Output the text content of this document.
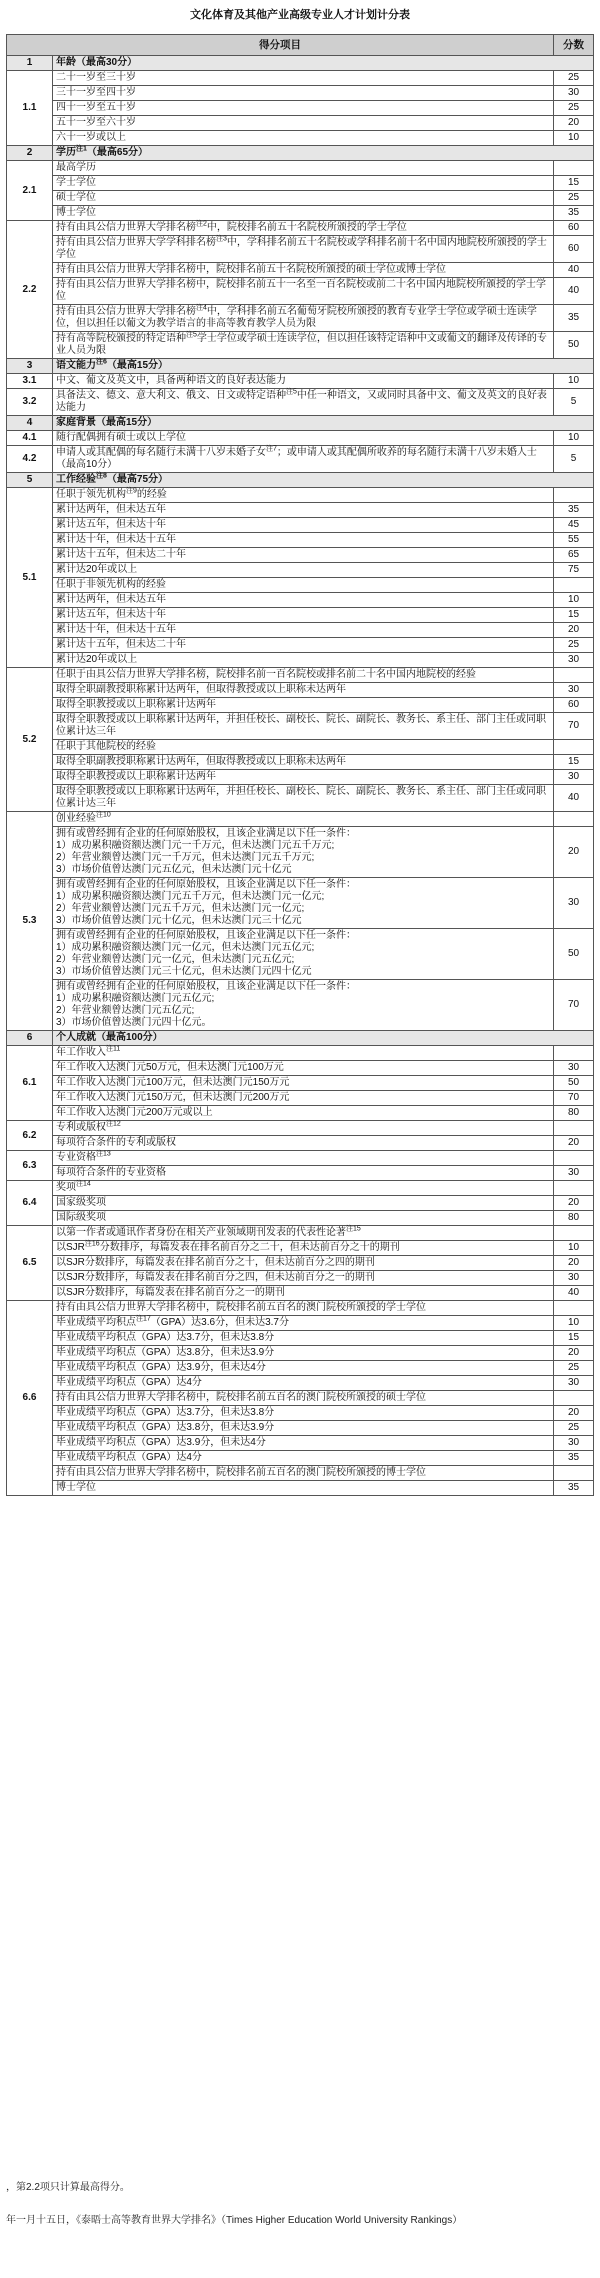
文化体育及其他产业高级专业人才计划计分表
得分项目		分数
1	年龄（最高30分）	
1.1	二十一岁至三十岁	25
	三十一岁至四十岁	30
	四十一岁至五十岁	25
	五十一岁至六十岁	20
	六十一岁或以上	10
2	学历$^{注1}$（最高65分）	
2.1	最高学历	
	学士学位	15
	硕士学位	25
	博士学位	35
2.2	持有由具公信力世界大学排名榜$^{注2}$中，院校排名前五十名院校所颁授的学士学位	60
	持有由具公信力世界大学学科排名榜$^{注3}$中，学科排名前五十名院校或学科排名前十名中国内地院校所颁授的学士学位	60
	持有由具公信力世界大学排名榜中，院校排名前五十名院校所颁授的硕士学位或博士学位	40
	持有由具公信力世界大学排名榜中，院校排名前五十一名至一百名院校或前二十名中国内地院校所颁授的学士学位	40
	持有由具公信力世界大学排名榜$^{注4}$中，学科排名前五名葡萄牙院校所颁授的教育专业学士学位或学硕士连读学位，但以担任以葡文为教学语言的非高等教育教学人员为限	35
	持有高等院校颁授的特定语种$^{注5}$学士学位或学硕士连读学位，但以担任该特定语种中文或葡文的翻译及传译的专业人员为限	50
3	语文能力$^{注6}$（最高15分）	
3.1	中文、葡文及英文中，具备两种语文的良好表达能力	10
3.2	具备法文、德文、意大利文、俄文、日文或特定语种$^{注5}$中任一种语文，又或同时具备中文、葡文及英文的良好表达能力	5
4	家庭背景（最高15分）	
4.1	随行配偶拥有硕士或以上学位	10
4.2	申请人或其配偶的每名随行未满十八岁未婚子女$^{注7}$；或申请人或其配偶所收养的每名随行未满十八岁未婚人士（最高10分）	5
5	工作经验$^{注8}$（最高75分）	
5.1	任职于领先机构$^{注9}$的经验	
	累计达两年，但未达五年	35
	累计达五年，但未达十年	45
	累计达十年，但未达十五年	55
	累计达十五年，但未达二十年	65
	累计达20年或以上	75
	任职于非领先机构的经验	
	累计达两年，但未达五年	10
	累计达五年，但未达十年	15
	累计达十年，但未达十五年	20
	累计达十五年，但未达二十年	25
	累计达20年或以上	30
5.2	任职于由具公信力世界大学排名榜，院校排名前一百名院校或排名前二十名中国内地院校的经验	
	取得全职副教授职称累计达两年，但取得教授或以上职称未达两年	30
	取得全职教授或以上职称累计达两年	60
	取得全职教授或以上职称累计达两年，并担任校长、副校长、院长、副院长、教务长、系主任、部门主任或同职位累计达三年	70
	任职于其他院校的经验	
	取得全职副教授职称累计达两年，但取得教授或以上职称未达两年	15
	取得全职教授或以上职称累计达两年	30
	取得全职教授或以上职称累计达两年，并担任校长、副校长、院长、副院长、教务长、系主任、部门主任或同职位累计达三年	40
5.3	创业经验$^{注10}$	
	拥有或曾经拥有企业的任何原始股权，且该企业满足以下任一条件：
1）成功累积融资额达澳门元一千万元，但未达澳门元五千万元;
2）年营业额曾达澳门元一千万元，但未达澳门元五千万元;
3）市场价值曾达澳门元五亿元，但未达澳门元十亿元	20
	拥有或曾经拥有企业的任何原始股权，且该企业满足以下任一条件：
1）成功累积融资额达澳门元五千万元，但未达澳门元一亿元;
2）年营业额曾达澳门元五千万元，但未达澳门元一亿元;
3）市场价值曾达澳门元十亿元，但未达澳门元三十亿元	30
	拥有或曾经拥有企业的任何原始股权，且该企业满足以下任一条件：
1）成功累积融资额达澳门元一亿元，但未达澳门元五亿元;
2）年营业额曾达澳门元一亿元，但未达澳门元五亿元;
3）市场价值曾达澳门元三十亿元，但未达澳门元四十亿元	50
	拥有或曾经拥有企业的任何原始股权，且该企业满足以下任一条件：
1）成功累积融资额达澳门元五亿元;
2）年营业额曾达澳门元五亿元;
3）市场价值曾达澳门元四十亿元。	70
6	个人成就（最高100分）	
6.1	年工作收入$^{注11}$	
	年工作收入达澳门元50万元，但未达澳门元100万元	30
	年工作收入达澳门元100万元，但未达澳门元150万元	50
	年工作收入达澳门元150万元，但未达澳门元200万元	70
	年工作收入达澳门元200万元或以上	80
6.2	专利或版权$^{注12}$	
	每项符合条件的专利或版权	20
6.3	专业资格$^{注13}$	
	每项符合条件的专业资格	30
6.4	奖项$^{注14}$	
	国家级奖项	20
	国际级奖项	80
6.5	以第一作者或通讯作者身份在相关产业领域期刊发表的代表性论著$^{注15}$	
	以SJR$^{注16}$分数排序，每篇发表在排名前百分之二十，但未达前百分之十的期刊	10
	以SJR分数排序，每篇发表在排名前百分之十，但未达前百分之四的期刊	20
	以SJR分数排序，每篇发表在排名前百分之四，但未达前百分之一的期刊	30
	以SJR分数排序，每篇发表在排名前百分之一的期刊	40
6.6	持有由具公信力世界大学排名榜中，院校排名前五百名的澳门院校所颁授的学士学位	
	毕业成绩平均积点$^{注17}$（GPA）达3.6分，但未达3.7分	10
	毕业成绩平均积点（GPA）达3.7分，但未达3.8分	15
	毕业成绩平均积点（GPA）达3.8分，但未达3.9分	20
	毕业成绩平均积点（GPA）达3.9分，但未达4分	25
	毕业成绩平均积点（GPA）达4分	30
	持有由具公信力世界大学排名榜中，院校排名前五百名的澳门院校所颁授的硕士学位	
	毕业成绩平均积点（GPA）达3.7分，但未达3.8分	20
	毕业成绩平均积点（GPA）达3.8分，但未达3.9分	25
	毕业成绩平均积点（GPA）达3.9分，但未达4分	30
	毕业成绩平均积点（GPA）达4分	35
	持有由具公信力世界大学排名榜中，院校排名前五百名的澳门院校所颁授的博士学位	
	博士学位	35
，第2.2项只计算最高得分。
年一月十五日，《泰晤士高等教育世界大学排名》（Times Higher Education World University Rankings）
